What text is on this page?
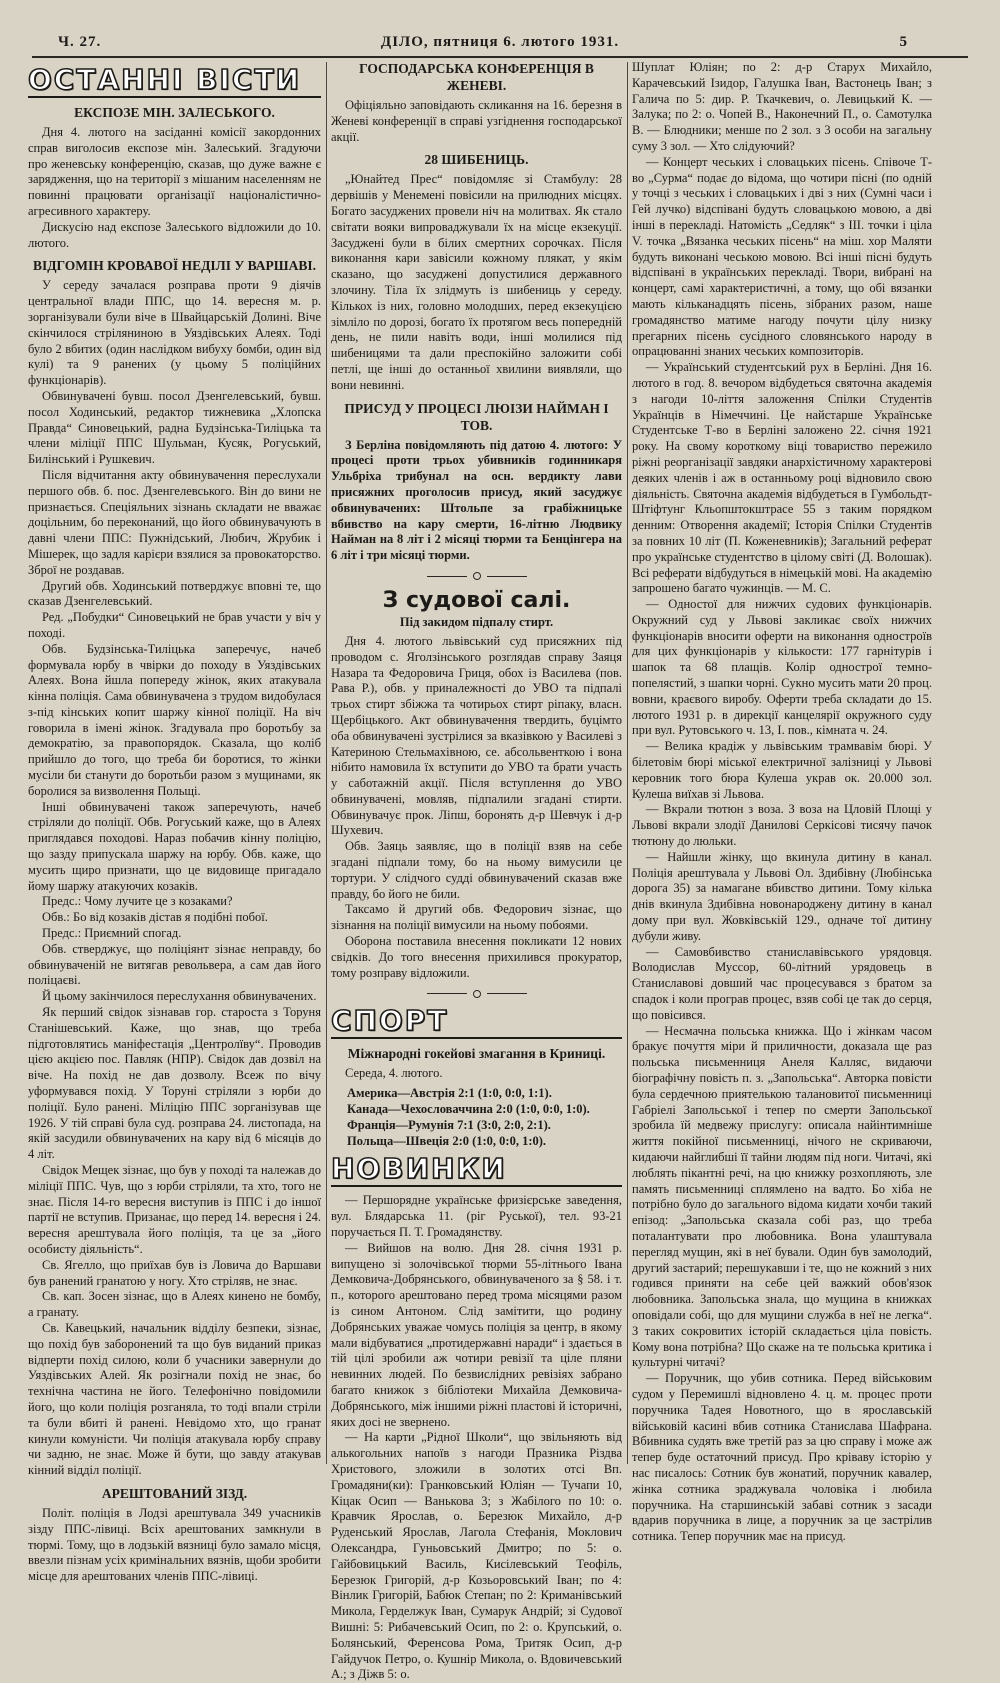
Ч. 27.	ДІЛО, пятниця 6. лютого 1931.	5
ОСТАННІ ВІСТИ
ЕКСПОЗЕ МІН. ЗАЛЕСЬКОГО.

Дня 4. лютого на засіданні комісії закордонних справ виголосив експозе мін. Залеський. Згадуючи про женевську конференцію, сказав, що дуже важне є зарядження, що на території з мішаним населенням не повинні працювати організації націоналістично-агресивного характеру.

Дискусію над експозе Залеського відложили до 10. лютого.

ВІДГОМІН КРОВАВОЇ НЕДІЛІ У ВАРШАВІ.

У середу зачалася розправа проти 9 діячів центральної влади ППС, що 14. вересня м. р. зорганізували були віче в Швайцарській Долині. Віче скінчилося стріляниною в Уяздівських Алеях. Тоді було 2 вбитих (один наслідком вибуху бомби, один від кулі) та 9 ранених (у цьому 5 поліційних функціонарів).

Обвинувачені бувш. посол Дзенгелевський, бувш. посол Ходинський, редактор тижневика „Хлопска Правда“ Синовецький, радна Будзінська-Тиліцька та члени міліції ППС Шульман, Кусяк, Рогуський, Билінський і Рушкевич.

Після відчитання акту обвинувачення переслухали першого обв. б. пос. Дзенгелевського. Він до вини не признається. Спеціяльних зізнань складати не вважає доцільним, бо переконаний, що його обвинувачують в давні члени ППС: Пужнідський, Любич, Жрубик і Мішерек, що задля карієри взялися за провокаторство. Зброї не роздавав.

Другий обв. Ходинський потверджує вповні те, що сказав Дзенгелевський.

Ред. „Побудки“ Синовецький не брав участи у віч у поході.

Обв. Будзінська-Тиліцька заперечує, начеб формувала юрбу в чвірки до походу в Уяздівських Алеях. Вона йшла попереду жінок, яких атакувала кінна поліція. Сама обвинувачена з трудом видобулася з-під кінських копит шаржу кінної поліції. На віч говорила в імені жінок. Згадувала про боротьбу за демократію, за правопорядок. Сказала, що коліб прийшло до того, що треба би боротися, то жінки мусіли би станути до боротьби разом з мущинами, як боролися за визволення Польщі.

Інші обвинувачені також заперечують, начеб стріляли до поліції. Обв. Рогуський каже, що в Алеях приглядався походові. Нараз побачив кінну поліцію, що зазду припускала шаржу на юрбу. Обв. каже, що мусить щиро признати, що це видовище пригадало йому шаржу атакуючих козаків.

Предс.: Чому лучите це з козаками?

Обв.: Бо від козаків дістав я подібні побої.

Предс.: Приємний спогад.

Обв. стверджує, що поліціянт зізнає неправду, бо обвинуваченій не витягав револьвера, а сам дав його поліцаєві.

Й цьому закінчилося переслухання обвинувачених.

Як перший свідок зізнавав гор. староста з Торуня Станішевський. Каже, що знав, що треба підготовлятись маніфестація „Центролїву“. Проводив цією акцією пос. Павляк (НПР). Свідок дав дозвіл на віче. На похід не дав дозволу. Всеж по вічу уформувався похід. У Торуні стріляли з юрби до поліції. Було ранені. Міліцію ППС зорганізував ще 1926. У тій справі була суд. розправа 24. листопада, на якій засудили обвинувачених на кару від 6 місяців до 4 літ.

Свідок Мещек зізнає, що був у поході та належав до міліції ППС. Чув, що з юрби стріляли, та хто, того не знає. Після 14-го вересня виступив із ППС і до іншої партії не вступив. Призанає, що перед 14. вересня і 24. вересня арештувала його поліція, та це за „його особисту діяльність“.

Св. Ягелло, що приїхав був із Ловича до Варшави був ранений гранатою у ногу. Хто стріляв, не знає.

Св. кап. Зосен зізнає, що в Алеях кинено не бомбу, а гранату.

Св. Кавецький, начальник відділу безпеки, зізнає, що похід був заборонений та що був виданий приказ відперти похід силою, коли б учасники завернули до Уяздівських Алей. Як розігнали похід не знає, бо технічна частина не його. Телефонічно повідомили його, що коли поліція розганяла, то тоді впали стріли та були вбиті й ранені. Невідомо хто, що гранат кинули комуністи. Чи поліція атакувала юрбу справу чи задню, не знає. Може й бути, що завду атакував кінний відділ поліції.

АРЕШТОВАНИЙ ЗІЗД.

Політ. поліція в Лодзі арештувала 349 учасників зізду ППС-лівиці. Всіх арештованих замкнули в тюрмі. Тому, що в лодзькій вязниці було замало місця, ввезли пізнам усіх кримінальних вязнів, щоби зробити місце для арештованих членів ППС-лівиці.

ГОСПОДАРСЬКА КОНФЕРЕНЦІЯ В ЖЕНЕВІ.

Офіціяльно заповідають скликання на 16. березня в Женеві конференції в справі узгіднення господарської акції.

28 ШИБЕНИЦЬ.

„Юнайтед Прес“ повідомляє зі Стамбулу: 28 дервішів у Менемені повісили на прилюдних місцях. Богато засуджених провели ніч на молитвах. Як стало світати вояки випроваджували їх на місце екзекуції. Засуджені були в білих смертних сорочках. Після виконання кари завісили кожному плякат, у якім сказано, що засуджені допустилися державного злочину. Тіла їх злідмуть із шибениць у середу. Кількох із них, головно молодших, перед екзекуцією зімліло по дорозі, богато їх протягом весь попередній день, не пили навіть води, інші молилися під шибеницями та дали преспокійно заложити собі петлі, ще інші до останньої хвилини виявляли, що вони невинні.

ПРИСУД У ПРОЦЕСІ ЛЮІЗИ НАЙМАН І ТОВ.

З Берліна повідомляють під датою 4. лютого: У процесі проти трьох убивників годинникаря Ульбріха трибунал на осн. вердикту лави присяжних проголосив присуд, який засуджує обвинувачених: Штольпе за грабіжницьке вбивство на кару смерти, 16-літню Людвику Найман на 8 літ і 2 місяці тюрми та Бенцінгера на 6 літ і три місяці тюрми.

З судової салі.
Під закидом підпалу стирт.

Дня 4. лютого львівський суд присяжних під проводом с. Яголзінського розглядав справу Заяця Назара та Федоровича Гриця, обох із Василева (пов. Рава Р.), обв. у приналежності до УВО та підпалі трьох стирт збіжжа та чотирьох стирт ріпаку, власн. Щербіцького. Акт обвинувачення твердить, буцімто оба обвинувачені зустрілися за вказівкою у Василеві з Катериною Стельмахівною, се. абсольвенткою і вона нібито намовила їх вступити до УВО та брати участь у саботажній акції. Після вступлення до УВО обвинувачені, мовляв, підпалили згадані стирти. Обвинувачує прок. Ліпш, боронять д-р Шевчук і д-р Шухевич.

Обв. Заяць заявляє, що в поліції взяв на себе згадані підпали тому, бо на ньому вимусили це тортури. У слідчого судді обвинувачений сказав вже правду, бо його не били.

Таксамо й другий обв. Федорович зізнає, що зізнання на поліції вимусили на ньому побоями.

Оборона поставила внесення покликати 12 нових свідків. До того внесення прихилився прокуратор, тому розправу відложили.

СПОРТ
Міжнародні гокейові змагання в Криниці.

Середа, 4. лютого.

Америка—Австрія 2:1 (1:0, 0:0, 1:1).

Канада—Чехословаччина 2:0 (1:0, 0:0, 1:0).

Франція—Румунія 7:1 (3:0, 2:0, 2:1).

Польща—Швеція 2:0 (1:0, 0:0, 1:0).

НОВИНКИ

— Першорядне українське фризієрське заведення, вул. Блядарська 11. (ріг Руської), тел. 93-21 поручається П. Т. Громадянству.

— Вийшов на волю. Дня 28. січня 1931 р. випущено зі золочівської тюрми 55-літнього Івана Демковича-Добрянського, обвинуваченого за § 58. і т. п., которого арештовано перед трома місяцями разом із сином Антоном. Слід замітити, що родину Добрянських уважае чомусь поліція за центр, в якому мали відбуватися „протидержавні наради“ і здається в тій цілі зробили аж чотири ревізії та ціле пляни невинних людей. По безвислідних ревізіях забрано багато книжок з бібліотеки Михайла Демковича-Добрянського, між іншими ріжні пластові й історичні, яких досі не звернено.

— На карти „Рідної Школи“, що звільняють від алькогольних напоїв з нагоди Празника Різдва Христового, зложили в золотих отсі Вп. Громадяни(ки): Гранковський Юліян — Тучапи 10, Кіцак Осип — Ванькова 3; з Жабілого по 10: о. Кравчик Ярослав, о. Березюк Михайло, д-р Руденський Ярослав, Лагола Стефанія, Моклович Олександра, Гуньовський Дмитро; по 5: о. Гайбовицький Василь, Кисілевський Теофіль, Березюк Григорій, д-р Козьоровський Іван; по 4: Вінлик Григорій, Бабюк Степан; по 2: Криманівський Микола, Герделжук Іван, Сумарук Андрій; зі Судової Вишні: 5: Рибачевський Осип, по 2: о. Крупський, о. Болянський, Ференсова Рома, Тритяк Осип, д-р Гайдучок Петро, о. Кушнір Микола, о. Вдовичевський А.; з Діжв 5: о.

Шуплат Юліян; по 2: д-р Старух Михайло, Карачевський Ізидор, Галушка Іван, Вастонець Іван; з Галича по 5: дир. Р. Ткачкевич, о. Левицький К. — Залука; по 2: о. Чопей В., Наконечний П., о. Самотулка В. — Блюдники; менше по 2 зол. з 3 особи на загальну суму 3 зол. — Хто слідуючий?

— Концерт чеських і словацьких пісень. Співоче Т-во „Сурма“ подає до відома, що чотири пісні (по одній у точці з чеських і словацьких і дві з них (Сумні часи і Гей лучко) відспівані будуть словацькою мовою, а дві інші в перекладі. Натомість „Седляк“ з ІІІ. точки і ціла V. точка „Вязанка чеських пісень“ на міш. хор Маляти будуть виконані чеською мовою. Всі інші пісні будуть відспівані в українських перекладі. Твори, вибрані на концерт, самі характеристичні, а тому, що обі вязанки мають кільканадцять пісень, зібраних разом, наше громадянство матиме нагоду почути цілу низку прегарних пісень сусідного словянського народу в опрацюванні знаних чеських композиторів.

— Український студентський рух в Берліні. Дня 16. лютого в год. 8. вечором відбудеться святочна академія з нагоди 10-ліття заложення Спілки Студентів Українців в Німеччині. Це найстарше Українське Студентське Т-во в Берліні заложено 22. січня 1921 року. На свому короткому віці товариство пережило ріжні реорганізації завдяки анархістичному характерові деяких членів і аж в останньому році відновило свою діяльність. Святочна академія відбудеться в Гумбольдт-Штіфтунг Кльопштокштрасе 55 з таким порядком денним: Отворення академії; Історія Спілки Студентів за повних 10 літ (П. Коженевників); Загальний реферат про українське студентство в цілому світі (Д. Волошак). Всі реферати відбудуться в німецькій мові. На академію запрошено багато чужинців. — М. С.

— Одностої для нижчих судових функціонарів. Окружний суд у Львові закликає своїх нижчих функціонарів вносити оферти на виконання одностроїв для цих функціонарів у кількости: 177 гарнітурів і шапок та 68 плащів. Колір однострої темно-попелястий, з шапки чорні. Сукно мусить мати 20 проц. вовни, краєвого виробу. Оферти треба складати до 15. лютого 1931 р. в дирекції канцелярії окружного суду при вул. Рутовського ч. 13, І. пов., кімната ч. 24.

— Велика крадіж у львівським трамвавім бюрі. У білетовім бюрі міської електричної залізниці у Львові керовник того бюра Кулеша украв ок. 20.000 зол. Кулеша виїхав зі Львова.

— Вкрали тютюн з воза. З воза на Цловій Площі у Львові вкрали злодії Данилові Серкісові тисячу пачок тютюну до люльки.

— Найшли жінку, що вкинула дитину в канал. Поліція арештувала у Львові Ол. Здибівну (Любінська дорога 35) за намагане вбивство дитини. Тому кілька днів вкинула Здибівна новонароджену дитину в канал дому при вул. Жовківській 129., одначе тої дитину дубули живу.

— Самовбивство станиславівського урядовця. Володислав Муссор, 60-літний урядовець в Станиславові довший час процесувався з братом за спадок і коли програв процес, взяв собі це так до серця, що повісився.

— Несмачна польська книжка. Що і жінкам часом бракує почуття міри й приличности, доказала ще раз польська письменниця Анеля Калляс, видаючи біографічну повість п. з. „Запольська“. Авторка повісти була сердечною приятелькою талановитої письменниці Габріелі Запольської і тепер по смерти Запольської зробила їй медвежу прислугу: описала найінтимніше життя покійної письменниці, нічого не скриваючи, кидаючи найглибші її тайни людям під ноги. Читачі, які люблять пікантні речі, на цю книжку розхопляють, зле память письменниці сплямлено на вадто. Бо хіба не потрібно було до загального відома кидати хочби такий епізод: „Запольська сказала собі раз, що треба поталантувати про любовника. Вона улаштувала перегляд мущин, які в неї бували. Один був замолодий, другий застарий; перешукавши і те, що не кожний з них годився приняти на себе цей важкий обов'язок любовника. Запольська знала, що мущина в книжках оповідали собі, що для мущини служба в неї не легка“. З таких сокровитих історій складається ціла повість. Кому вона потрібна? Що скаже на те польська критика і культурні читачі?

— Поручник, що убив сотника. Перед військовим судом у Перемишлі відновлено 4. ц. м. процес проти поручника Тадея Новотного, що в ярославській військовій касині вбив сотника Станислава Шафрана. Вбивника судять вже третій раз за цю справу і може аж тепер буде остаточний присуд. Про кріваву історію у нас писалось: Сотник був жонатий, поручник кавалер, жінка сотника зраджувала чоловіка і любила поручника. На старшинській забаві сотник з засади вдарив поручника в лице, а поручник за це застрілив сотника. Тепер поручник має на присуд.
